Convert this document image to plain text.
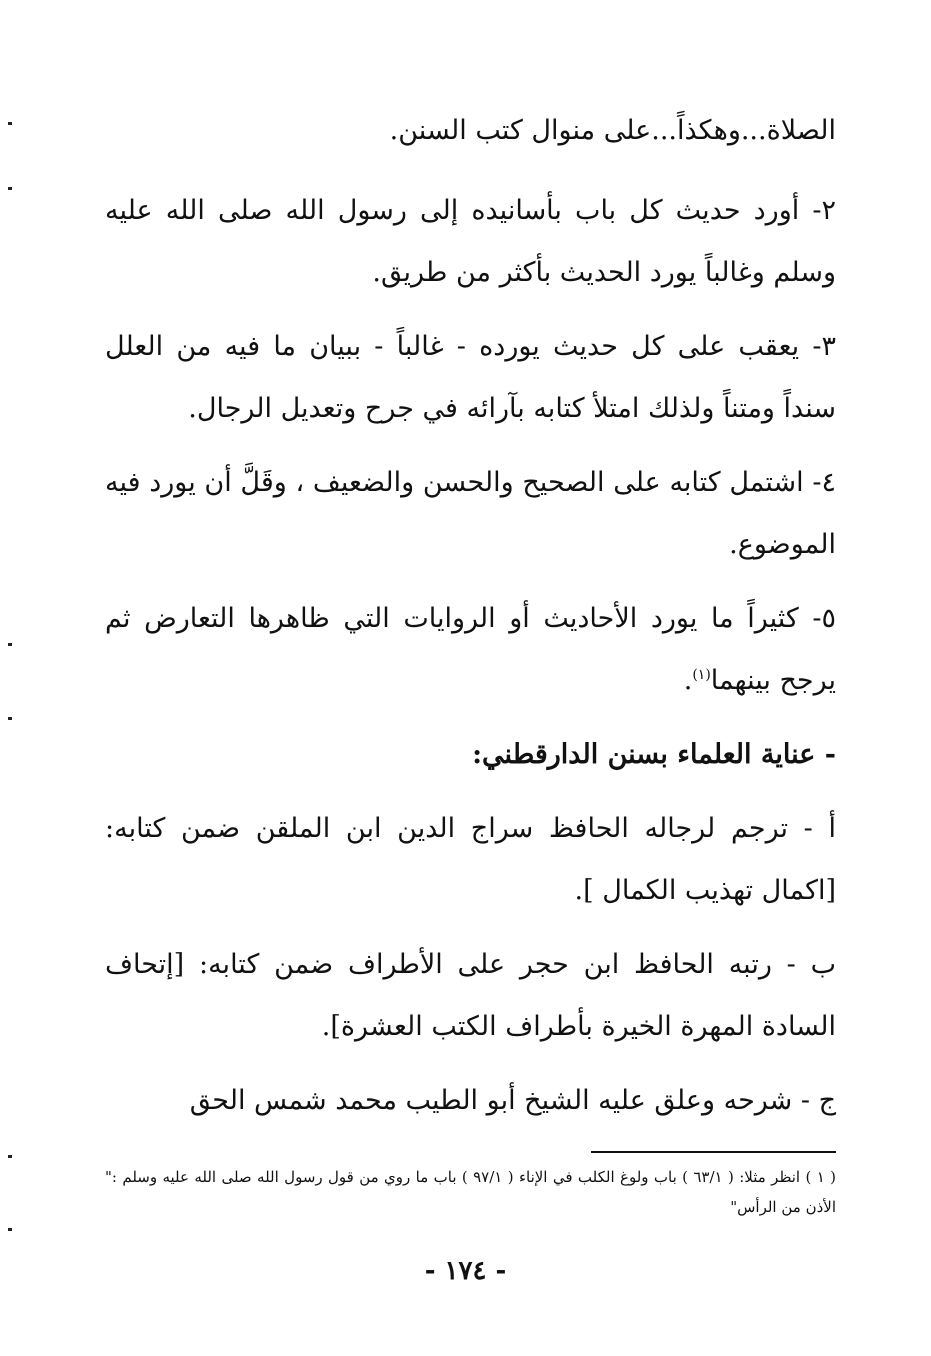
الصلاة...وهكذاً...على منوال كتب السنن.

٢- أورد حديث كل باب بأسانيده إلى رسول الله صلى الله عليه وسلم وغالباً يورد الحديث بأكثر من طريق.

٣- يعقب على كل حديث يورده - غالباً - ببيان ما فيه من العلل سنداً ومتناً ولذلك امتلأ كتابه بآرائه في جرح وتعديل الرجال.

٤- اشتمل كتابه على الصحيح والحسن والضعيف ، وقَلَّ أن يورد فيه الموضوع.

٥- كثيراً ما يورد الأحاديث أو الروايات التي ظاهرها التعارض ثم يرجح بينهما$^{(١)}$.

- عناية العلماء بسنن الدارقطني:

أ - ترجم لرجاله الحافظ سراج الدين ابن الملقن ضمن كتابه: [اكمال تهذيب الكمال ].

ب - رتبه الحافظ ابن حجر على الأطراف ضمن كتابه: [إتحاف السادة المهرة الخيرة بأطراف الكتب العشرة].

ج - شرحه وعلق عليه الشيخ أبو الطيب محمد شمس الحق

( ١ ) انظر مثلا: ( ٦٣/١ ) باب ولوغ الكلب في الإناء ( ٩٧/١ ) باب ما روي من قول رسول الله صلى الله عليه وسلم :" الأذن من الرأس"
- ١٧٤ -
